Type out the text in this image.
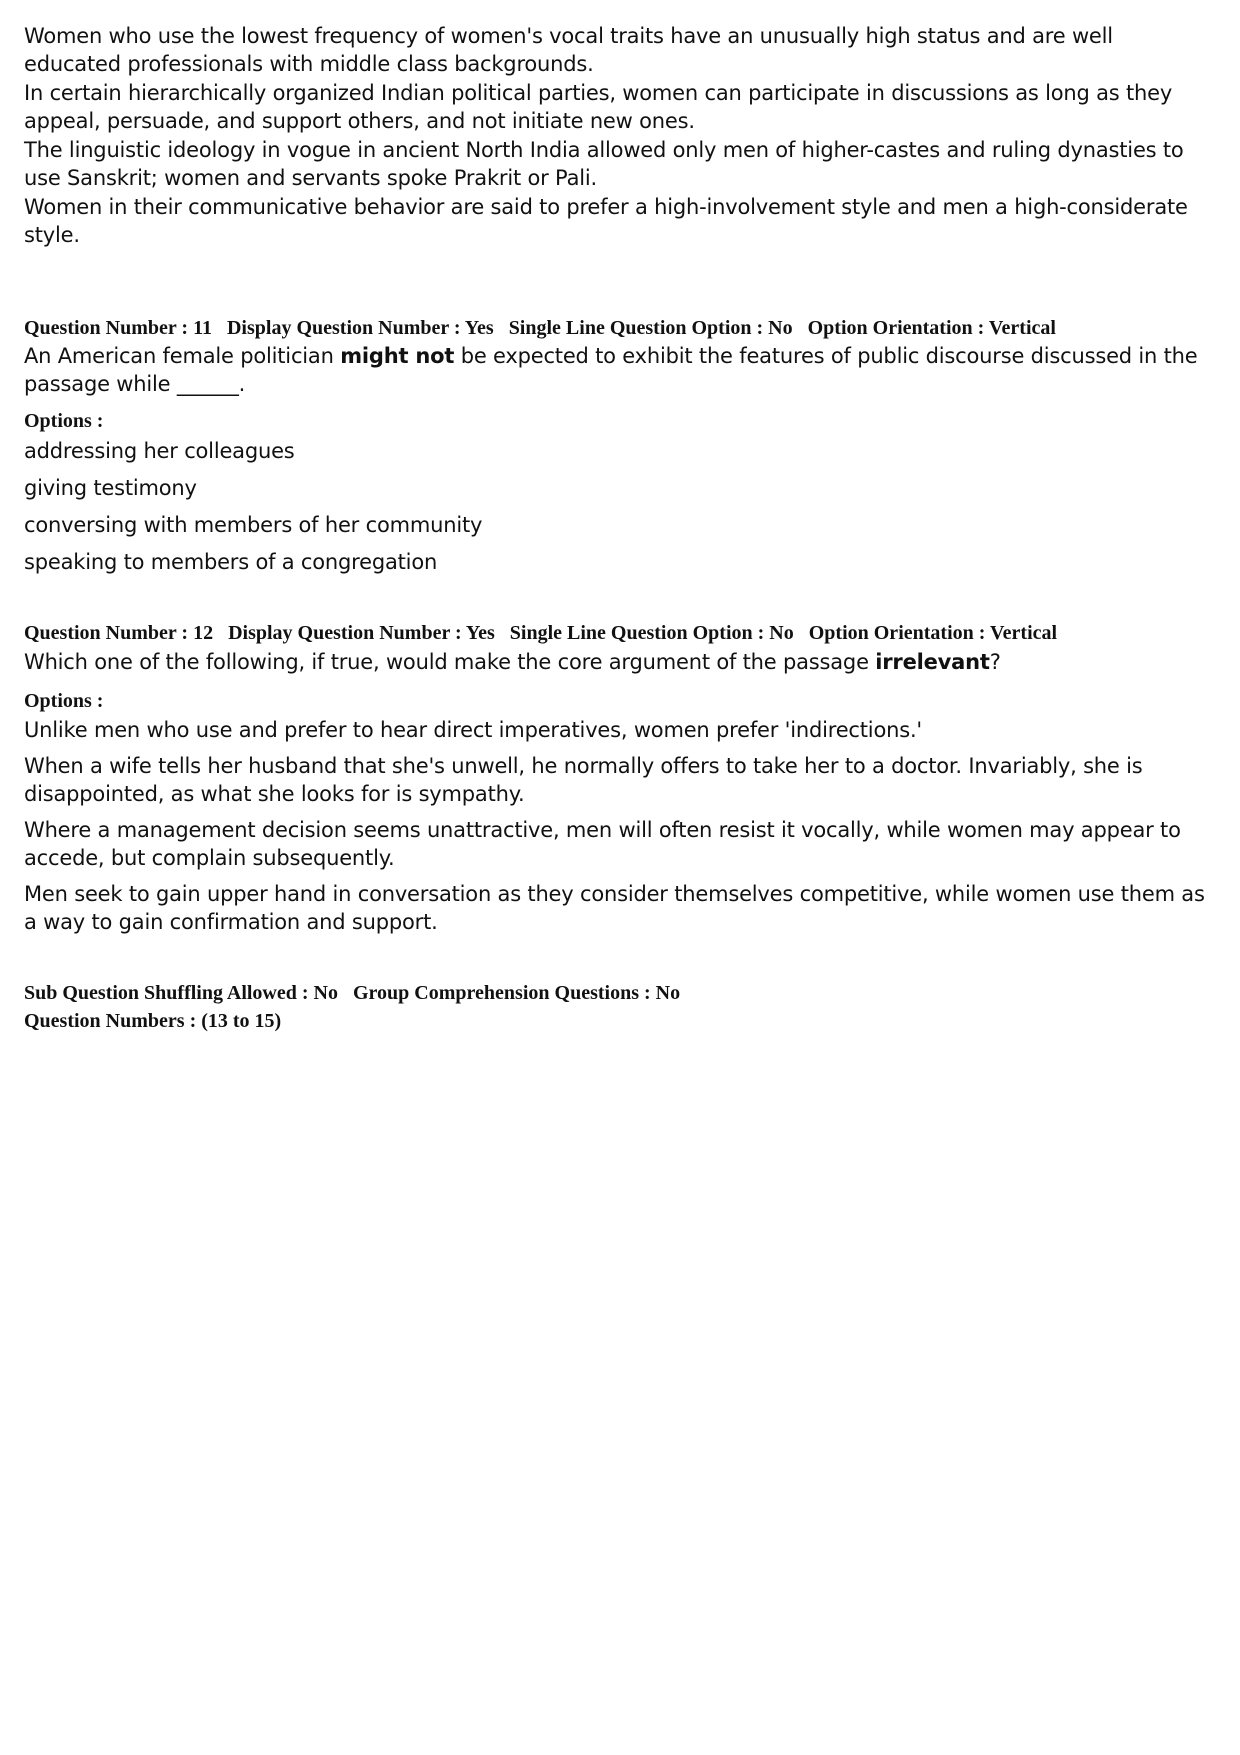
Women who use the lowest frequency of women's vocal traits have an unusually high status and are well educated professionals with middle class backgrounds.

In certain hierarchically organized Indian political parties, women can participate in discussions as long as they appeal, persuade, and support others, and not initiate new ones.

The linguistic ideology in vogue in ancient North India allowed only men of higher-castes and ruling dynasties to use Sanskrit; women and servants spoke Prakrit or Pali.

Women in their communicative behavior are said to prefer a high-involvement style and men a high-considerate style.

Question Number : 11 Display Question Number : Yes Single Line Question Option : No Option Orientation : Vertical

An American female politician might not be expected to exhibit the features of public discourse discussed in the passage while ______.

Options :
addressing her colleagues
giving testimony
conversing with members of her community
speaking to members of a congregation
Question Number : 12 Display Question Number : Yes Single Line Question Option : No Option Orientation : Vertical

Which one of the following, if true, would make the core argument of the passage irrelevant?

Options :
Unlike men who use and prefer to hear direct imperatives, women prefer 'indirections.'
When a wife tells her husband that she's unwell, he normally offers to take her to a doctor. Invariably, she is disappointed, as what she looks for is sympathy.
Where a management decision seems unattractive, men will often resist it vocally, while women may appear to accede, but complain subsequently.
Men seek to gain upper hand in conversation as they consider themselves competitive, while women use them as a way to gain confirmation and support.
Sub Question Shuffling Allowed : No Group Comprehension Questions : No
Question Numbers : (13 to 15)
